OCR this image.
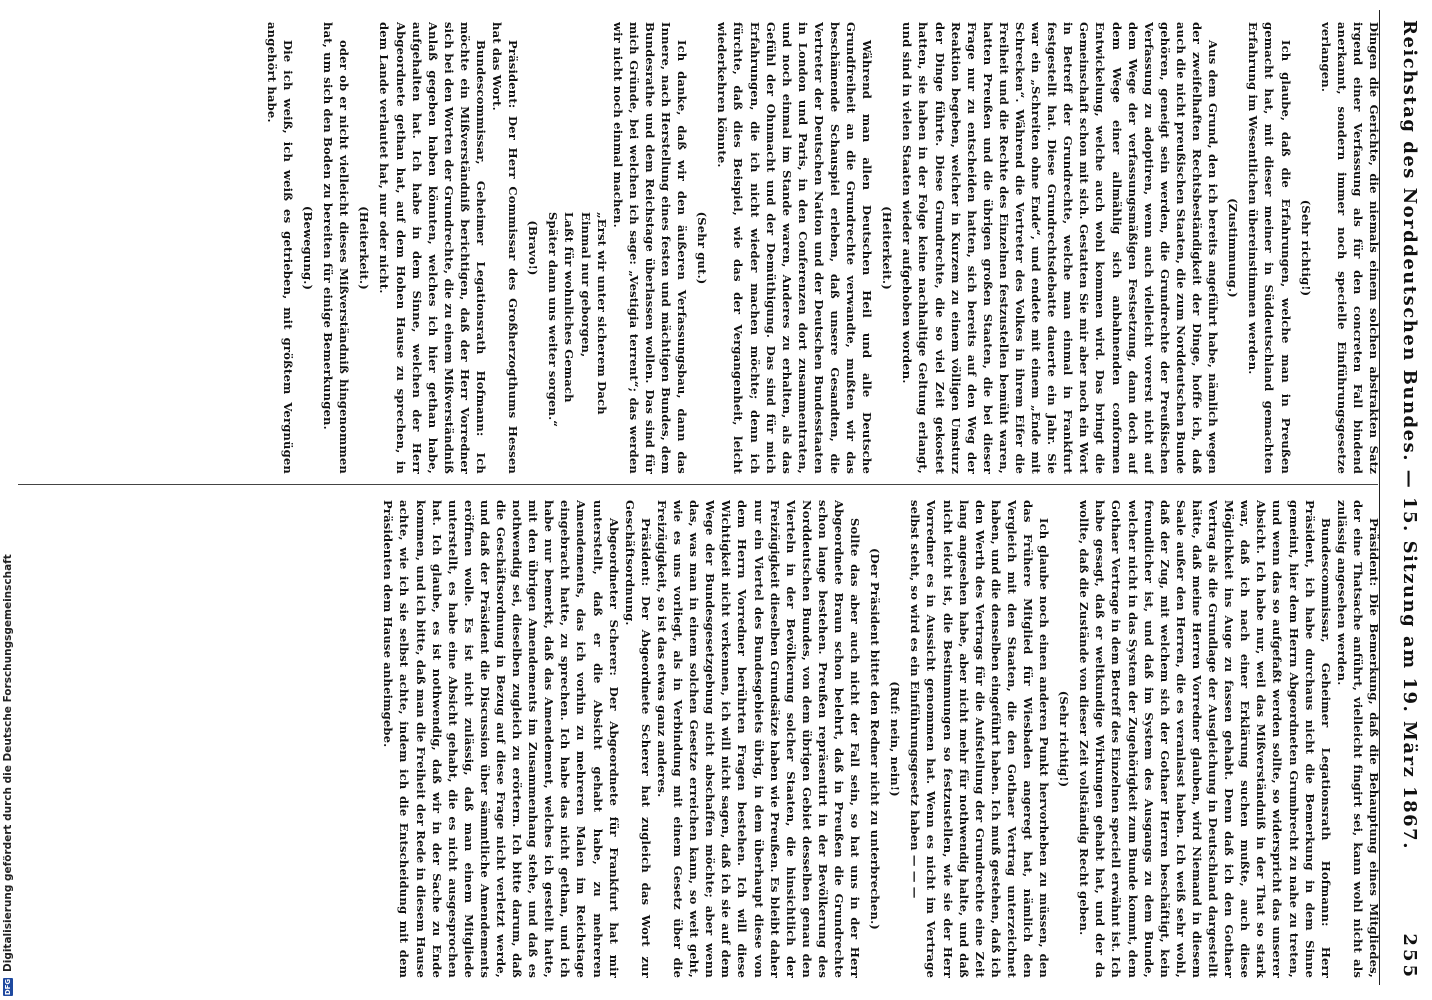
DFG
Digitalisierung gefördert durch die Deutsche Forschungsgemeinschaft	Reichstag des Norddeutschen Bundes. — 15. Sitzung am 19. März 1867.
255

Dingen die Gerichte, die niemals einem solchen abstrakten Satz irgend einer Verfassung als für den concreten Fall bindend anerkannt, sondern immer noch specielle Einführungsgesetze verlangen.

(Sehr richtig!)

Ich glaube, daß die Erfahrungen, welche man in Preußen gemacht hat, mit dieser meiner in Süddeutschland gemachten Erfahrung im Wesentlichen übereinstimmen werden.

(Zustimmung.)

Aus dem Grund, den ich bereits angeführt habe, nämlich wegen der zweifelhaften Rechtsbeständigkeit der Dinge, hoffe ich, daß auch die nicht preußischen Staaten, die zum Norddeutschen Bunde gehören, geneigt sein werden, die Grundrechte der Preußischen Verfassung zu adoptiren, wenn auch vielleicht vorerst nicht auf dem Wege der verfassungsmäßigen Festsetzung, dann doch auf dem Wege einer allmählig sich anbahnenden conformen Entwickelung, welche auch wohl kommen wird. Das bringt die Gemeinschaft schon mit sich. Gestatten Sie mir aber noch ein Wort in Betreff der Grundrechte, welche man einmal in Frankfurt festgestellt hat. Diese Grundrechtsdebatte dauerte ein Jahr. Sie war ein „Schreiten ohne Ende“, und endete mit einem „Ende mit Schrecken“. Während die Vertreter des Volkes in ihrem Eifer die Freiheit und die Rechte des Einzelnen festzustellen bemüht waren, hatten Preußen und die übrigen großen Staaten, die bei dieser Frage nur zu entscheiden hatten, sich bereits auf den Weg der Reaktion begeben, welcher in Kurzem zu einem völligen Umsturz der Dinge führte. Diese Grundrechte, die so viel Zeit gekostet hatten, sie haben in der Folge keine nachhaltige Geltung erlangt, und sind in vielen Staaten wieder aufgehoben worden.

(Heiterkeit.)

Während man allen Deutschen Heil und alle Deutsche Grundfreiheit an die Grundrechte verwandte, mußten wir das beschämende Schauspiel erleben, daß unsere Gesandten, die Vertreter der Deutschen Nation und der Deutschen Bundesstaaten in London und Paris, in den Conferenzen dort zusammentraten, und noch einmal im Stande waren, Anderes zu erhalten, als das Gefühl der Ohnmacht und der Demüthigung. Das sind für mich Erfahrungen, die ich nicht wieder machen möchte; denn ich fürchte, daß dies Beispiel, wie das der Vergangenheit, leicht wiederkehren könnte.

(Sehr gut.)

Ich danke, daß wir den äußeren Verfassungsbau, dann das Innere, nach Herstellung eines festen und mächtigen Bundes, dem Bundesrathe und dem Reichstage überlassen wollen. Das sind für mich Gründe, bei welchen ich sage: „Vestigia terrent“; das werden wir nicht noch einmal machen.

„Erst wir unter sicherem Dach

Einmal nur geborgen,

Laßt für wohnliches Gemach

Später dann uns weiter sorgen.“

(Bravo!)

Präsident: Der Herr Commissar des Großherzogthums Hessen hat das Wort.

Bundescommissar, Geheimer Legationsrath Hofmann: Ich möchte ein Mißverständniß berichtigen, daß der Herr Vorredner sich bei den Worten der Grundrechte, die zu einem Mißverständniß Anlaß gegeben haben könnten, welches ich hier gethan habe, aufgehalten hat. Ich habe in dem Sinne, welchen der Herr Abgeordnete gethan hat, auf dem Hohen Hause zu sprechen, in dem Lande verlautet hat, nur oder nicht.

(Heiterkeit.)

oder ob er nicht vielleicht dieses Mißverständniß hingenommen hat, um sich den Boden zu bereiten für einige Bemerkungen.

(Bewegung.)

Die ich weiß, ich weiß es getrieben, mit größtem Vergnügen angehört habe.

Präsident: Die Bemerkung, daß die Behauptung eines Mitgliedes, der eine Thatsache anführt, vielleicht fingirt sei, kann wohl nicht als zulässig angesehen werden.

Bundescommissar, Geheimer Legationsrath Hofmann: Herr Präsident, ich habe durchaus nicht die Bemerkung in dem Sinne gemeint, hier dem Herrn Abgeordneten Grumbrecht zu nahe zu treten, und wenn das so aufgefaßt werden sollte, so widerspricht das unserer Absicht. Ich habe nur, weil das Mißverständniß in der That so stark war, daß ich nach einer Erklärung suchen mußte, auch diese Möglichkeit ins Auge zu fassen gehabt. Denn daß ich den Gothaer Vertrag als die Grundlage der Ausgleichung in Deutschland dargestellt hätte, daß meine Herren Vorredner glauben, wird Niemand in diesem Saale außer den Herren, die es veranlasst haben. Ich weiß sehr wohl, daß der Zug, mit welchem sich der Gothaer Herren beschäftigt, kein freundlicher ist, und daß im System des Ausgangs zu dem Bunde, welcher nicht in das System der Zugehörigkeit zum Bunde kommt, dem Gothaer Vertrage in dem Betreff des Einzelnen speciell erwähnt ist. Ich habe gesagt, daß er weltkundige Wirkungen gehabt hat, und der da wollte, daß die Zustände von dieser Zeit vollständig Recht geben.

(Sehr richtig!)

Ich glaube noch einen anderen Punkt hervorheben zu müssen, den das Frühere Mitglied für Wiesbaden angeregt hat, nämlich den Vergleich mit den Staaten, die den Gothaer Vertrag unterzeichnet haben, und die denselben eingeführt haben. Ich muß gestehen, daß ich den Werth des Vertrags für die Aufstellung der Grundrechte eine Zeit lang angesehen habe, aber nicht mehr für nothwendig halte, und daß nicht leicht ist, die Bestimmungen so festzustellen, wie sie der Herr Vorredner es in Aussicht genommen hat. Wenn es nicht im Vertrage selbst steht, so wird es ein Einführungsgesetz haben — — —

(Ruf: nein, nein!)

(Der Präsident bittet den Redner nicht zu unterbrechen.)

Sollte das aber auch nicht der Fall sein, so hat uns in der Herr Abgeordnete Braun schon belehrt, daß in Preußen die Grundrechte schon lange bestehen. Preußen repräsentirt in der Bevölkerung des Norddeutschen Bundes, von dem übrigen Gebiet desselben genau den Vierteln in der Bevölkerung solcher Staaten, die hinsichtlich der Freizügigkeit dieselben Grundsätze haben wie Preußen. Es bleibt daher nur ein Viertel des Bundesgebiets übrig, in dem überhaupt diese von dem Herrn Vorredner berührten Fragen bestehen. Ich will diese Wichtigkeit nicht verkennen, ich will nicht sagen, daß ich sie auf dem Wege der Bundesgesetzgebung nicht abschaffen möchte; aber wenn das, was man in einem solchen Gesetze erreichen kann, so weit geht, wie es uns vorliegt, als in Verbindung mit einem Gesetz über die Freizügigkeit, so ist das etwas ganz anderes.

Präsident: Der Abgeordnete Scherer hat zugleich das Wort zur Geschäftsordnung.

Abgeordneter Scherer: Der Abgeordnete für Frankfurt hat mir unterstellt, daß er die Absicht gehabt habe, zu mehreren Amendements, das ich vorhin zu mehreren Malen im Reichstage eingebracht hatte, zu sprechen. Ich habe das nicht gethan, und ich habe nur bemerkt, daß das Amendement, welches ich gestellt hatte, mit den übrigen Amendements im Zusammenhang stehe, und daß es nothwendig sei, dieselben zugleich zu erörtern. Ich bitte darum, daß die Geschäftsordnung in Bezug auf diese Frage nicht verletzt werde, und daß der Präsident die Discussion über sämmtliche Amendements eröffnen wolle. Es ist nicht zulässig, daß man einem Mitgliede unterstellt, es habe eine Absicht gehabt, die es nicht ausgesprochen hat. Ich glaube, es ist nothwendig, daß wir in der Sache zu Ende kommen, und ich bitte, daß man die Freiheit der Rede in diesem Hause achte, wie ich sie selbst achte, indem ich die Entscheidung mit dem Präsidenten dem Hause anheimgebe.
